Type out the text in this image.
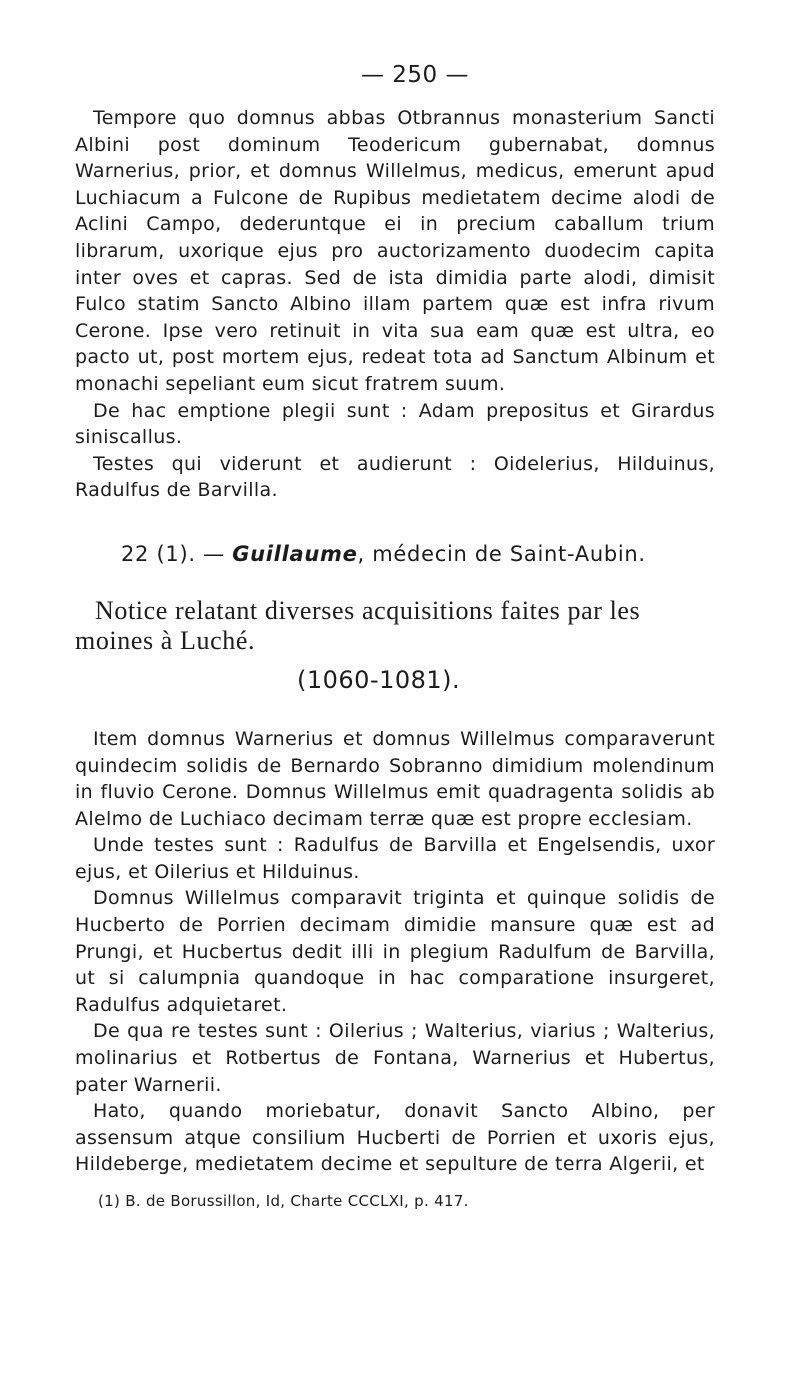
— 250 —

Tempore quo domnus abbas Otbrannus monasterium Sancti Albini post dominum Teodericum gubernabat, domnus Warnerius, prior, et domnus Willelmus, medicus, emerunt apud Luchiacum a Fulcone de Rupibus medietatem decime alodi de Aclini Campo, dederuntque ei in precium caballum trium librarum, uxorique ejus pro auctorizamento duodecim capita inter oves et capras. Sed de ista dimidia parte alodi, dimisit Fulco statim Sancto Albino illam partem quæ est infra rivum Cerone. Ipse vero retinuit in vita sua eam quæ est ultra, eo pacto ut, post mortem ejus, redeat tota ad Sanctum Albinum et monachi sepeliant eum sicut fratrem suum.

De hac emptione plegii sunt : Adam prepositus et Girardus siniscallus.

Testes qui viderunt et audierunt : Oidelerius, Hilduinus, Radulfus de Barvilla.

22 (1). — Guillaume, médecin de Saint-Aubin.
Notice relatant diverses acquisitions faites par les
moines à Luché.
(1060-1081).

Item domnus Warnerius et domnus Willelmus comparaverunt quindecim solidis de Bernardo Sobranno dimidium molendinum in fluvio Cerone. Domnus Willelmus emit quadragenta solidis ab Alelmo de Luchiaco decimam terræ quæ est propre ecclesiam.

Unde testes sunt : Radulfus de Barvilla et Engelsendis, uxor ejus, et Oilerius et Hilduinus.

Domnus Willelmus comparavit triginta et quinque solidis de Hucberto de Porrien decimam dimidie mansure quæ est ad Prungi, et Hucbertus dedit illi in plegium Radulfum de Barvilla, ut si calumpnia quandoque in hac comparatione insurgeret, Radulfus adquietaret.

De qua re testes sunt : Oilerius ; Walterius, viarius ; Walterius, molinarius et Rotbertus de Fontana, Warnerius et Hubertus, pater Warnerii.

Hato, quando moriebatur, donavit Sancto Albino, per assensum atque consilium Hucberti de Porrien et uxoris ejus, Hildeberge, medietatem decime et sepulture de terra Algerii, et

(1) B. de Borussillon, Id, Charte CCCLXI, p. 417.
